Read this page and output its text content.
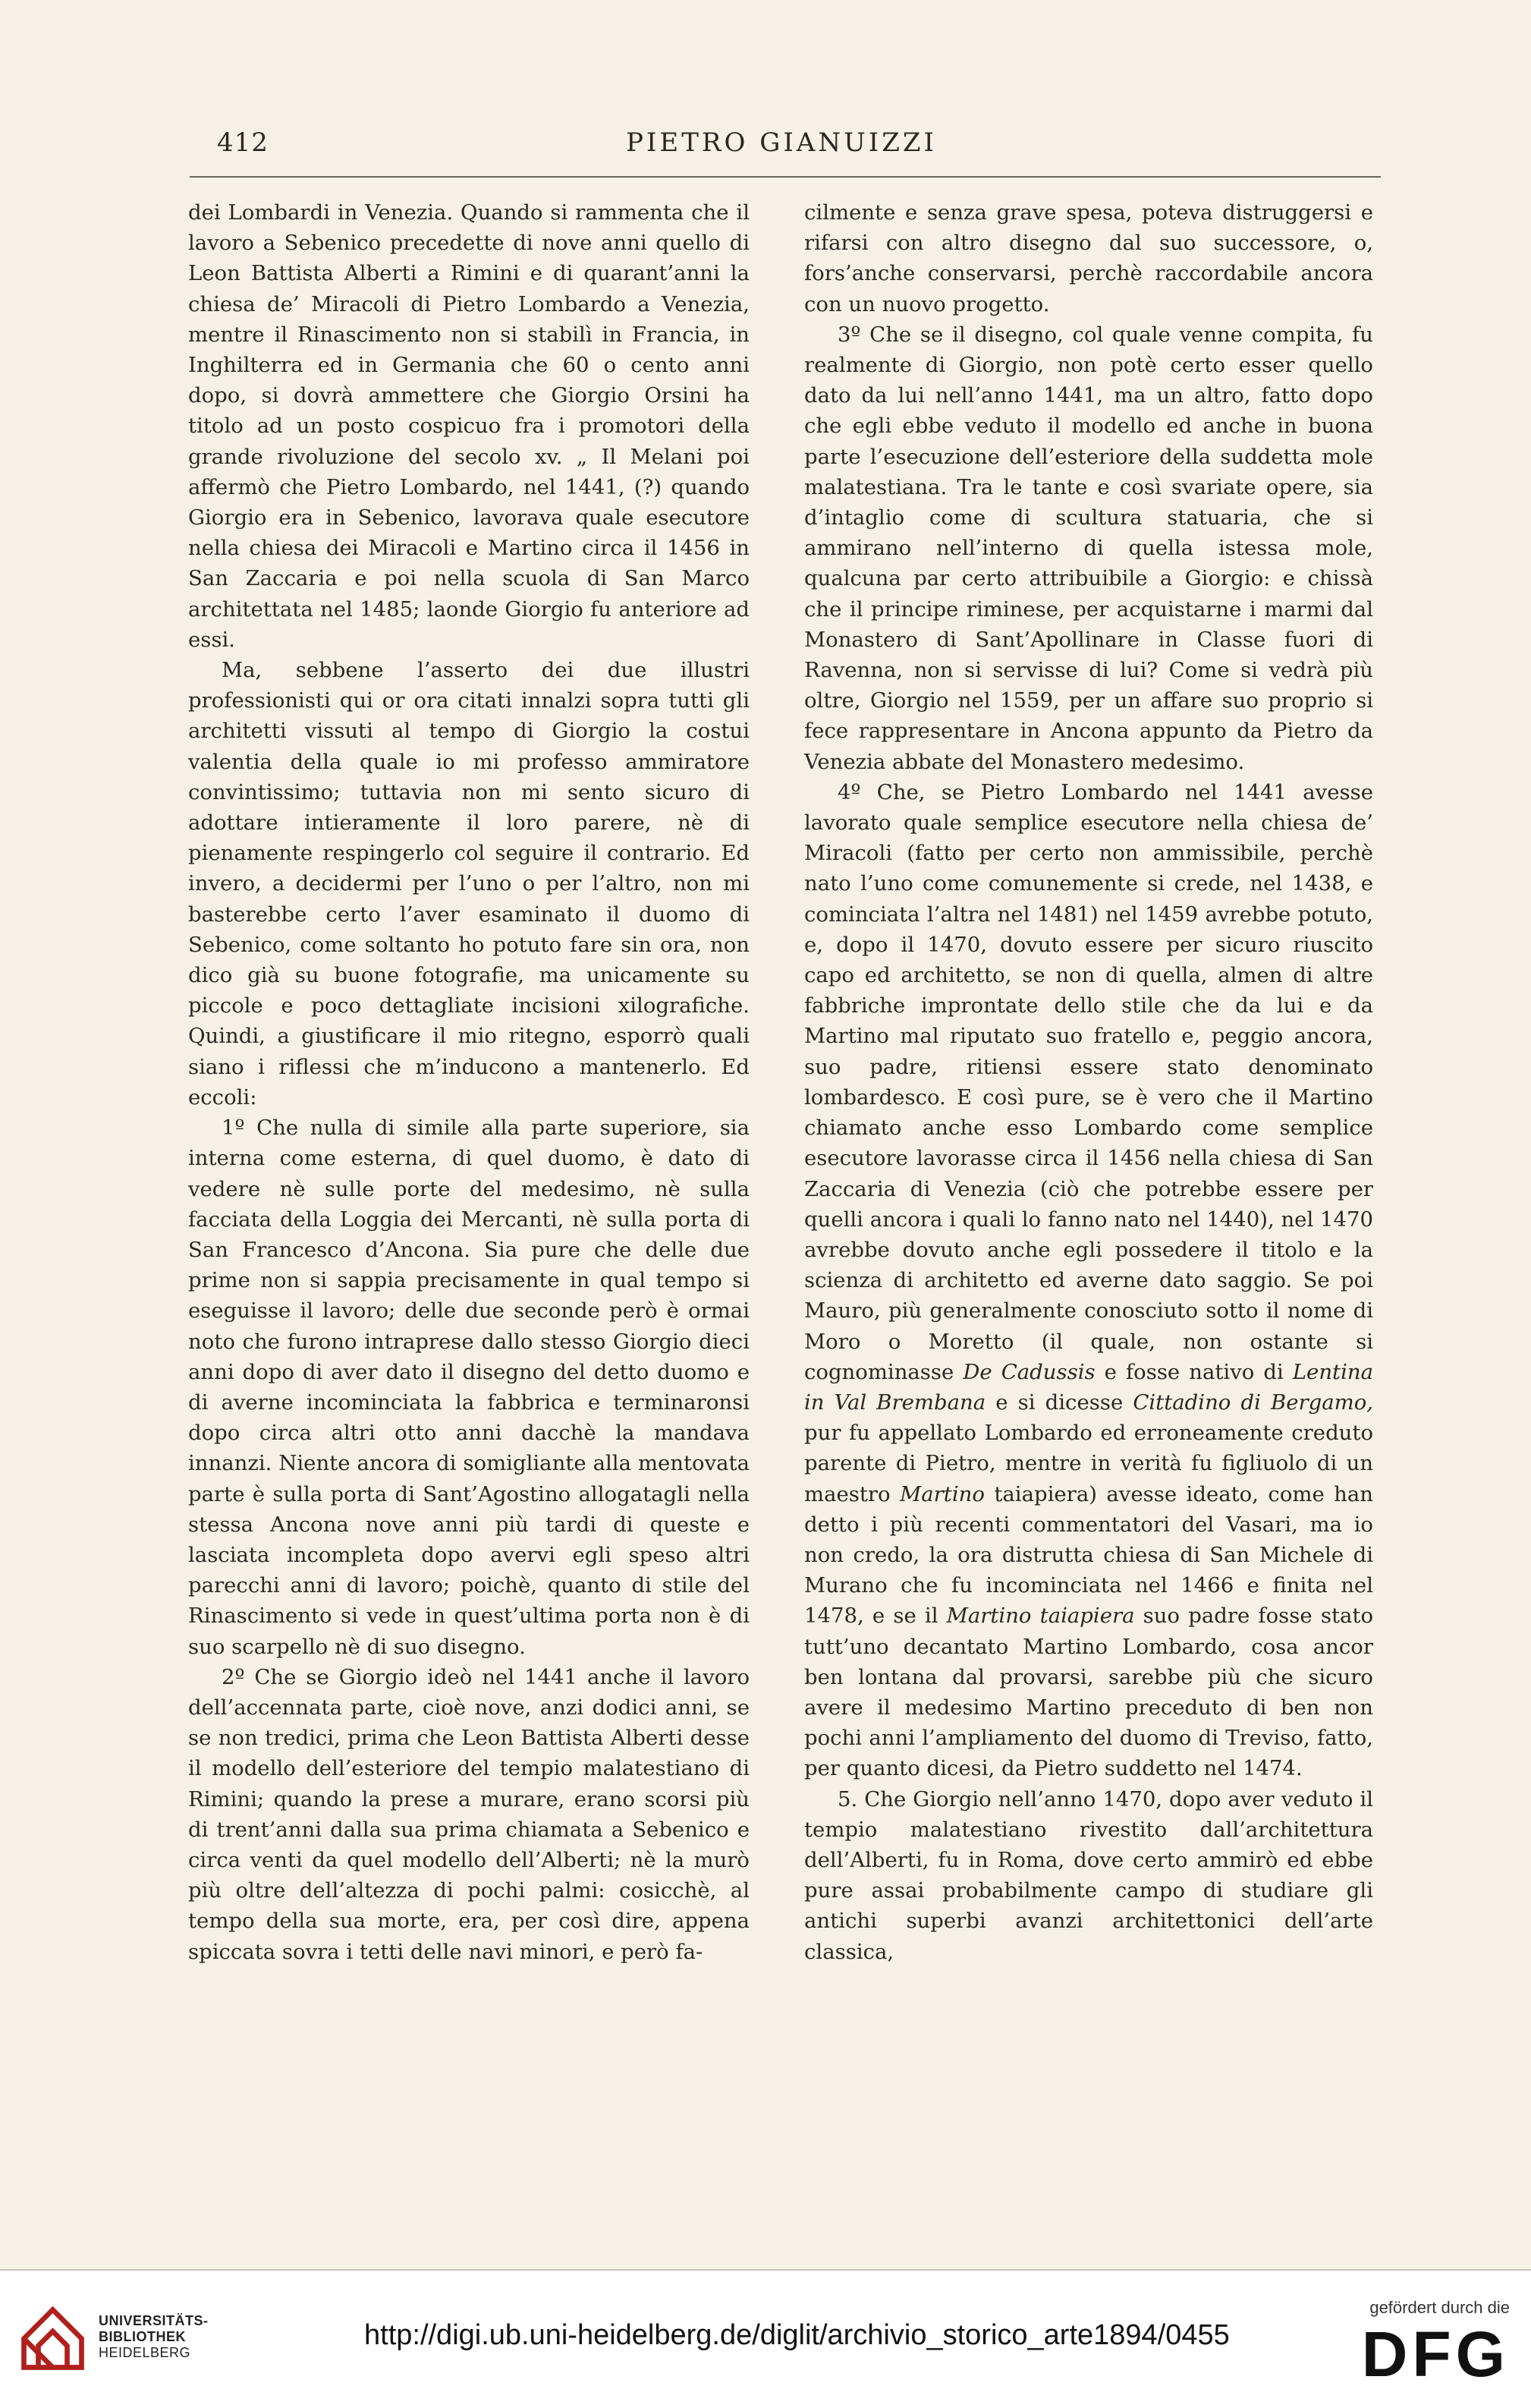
412	PIETRO GIANUIZZI

dei Lombardi in Venezia. Quando si rammenta che il lavoro a Sebenico precedette di nove anni quello di Leon Battista Alberti a Rimini e di quarant’anni la chiesa de’ Miracoli di Pietro Lombardo a Venezia, mentre il Rinascimento non si stabilì in Francia, in Inghilterra ed in Germania che 60 o cento anni dopo, si dovrà ammettere che Giorgio Orsini ha titolo ad un posto cospicuo fra i promotori della grande rivoluzione del secolo xv. „ Il Melani poi affermò che Pietro Lombardo, nel 1441, (?) quando Giorgio era in Sebenico, lavorava quale esecutore nella chiesa dei Miracoli e Martino circa il 1456 in San Zaccaria e poi nella scuola di San Marco architettata nel 1485; laonde Giorgio fu anteriore ad essi.

Ma, sebbene l’asserto dei due illustri professionisti qui or ora citati innalzi sopra tutti gli architetti vissuti al tempo di Giorgio la costui valentia della quale io mi professo ammiratore convintissimo; tuttavia non mi sento sicuro di adottare intieramente il loro parere, nè di pienamente respingerlo col seguire il contrario. Ed invero, a decidermi per l’uno o per l’altro, non mi basterebbe certo l’aver esaminato il duomo di Sebenico, come soltanto ho potuto fare sin ora, non dico già su buone fotografie, ma unicamente su piccole e poco dettagliate incisioni xilografiche. Quindi, a giustificare il mio ritegno, esporrò quali siano i riflessi che m’inducono a mantenerlo. Ed eccoli:

1º Che nulla di simile alla parte superiore, sia interna come esterna, di quel duomo, è dato di vedere nè sulle porte del medesimo, nè sulla facciata della Loggia dei Mercanti, nè sulla porta di San Francesco d’Ancona. Sia pure che delle due prime non si sappia precisamente in qual tempo si eseguisse il lavoro; delle due seconde però è ormai noto che furono intraprese dallo stesso Giorgio dieci anni dopo di aver dato il disegno del detto duomo e di averne incominciata la fabbrica e terminaronsi dopo circa altri otto anni dacchè la mandava innanzi. Niente ancora di somigliante alla mentovata parte è sulla porta di Sant’Agostino allogatagli nella stessa Ancona nove anni più tardi di queste e lasciata incompleta dopo avervi egli speso altri parecchi anni di lavoro; poichè, quanto di stile del Rinascimento si vede in quest’ultima porta non è di suo scarpello nè di suo disegno.

2º Che se Giorgio ideò nel 1441 anche il lavoro dell’accennata parte, cioè nove, anzi dodici anni, se se non tredici, prima che Leon Battista Alberti desse il modello dell’esteriore del tempio malatestiano di Rimini; quando la prese a murare, erano scorsi più di trent’anni dalla sua prima chiamata a Sebenico e circa venti da quel modello dell’Alberti; nè la murò più oltre dell’altezza di pochi palmi: cosicchè, al tempo della sua morte, era, per così dire, appena spiccata sovra i tetti delle navi minori, e però fa-

cilmente e senza grave spesa, poteva distruggersi e rifarsi con altro disegno dal suo successore, o, fors’anche conservarsi, perchè raccordabile ancora con un nuovo progetto.

3º Che se il disegno, col quale venne compita, fu realmente di Giorgio, non potè certo esser quello dato da lui nell’anno 1441, ma un altro, fatto dopo che egli ebbe veduto il modello ed anche in buona parte l’esecuzione dell’esteriore della suddetta mole malatestiana. Tra le tante e così svariate opere, sia d’intaglio come di scultura statuaria, che si ammirano nell’interno di quella istessa mole, qualcuna par certo attribuibile a Giorgio: e chissà che il principe riminese, per acquistarne i marmi dal Monastero di Sant’Apollinare in Classe fuori di Ravenna, non si servisse di lui? Come si vedrà più oltre, Giorgio nel 1559, per un affare suo proprio si fece rappresentare in Ancona appunto da Pietro da Venezia abbate del Monastero medesimo.

4º Che, se Pietro Lombardo nel 1441 avesse lavorato quale semplice esecutore nella chiesa de’ Miracoli (fatto per certo non ammissibile, perchè nato l’uno come comunemente si crede, nel 1438, e cominciata l’altra nel 1481) nel 1459 avrebbe potuto, e, dopo il 1470, dovuto essere per sicuro riuscito capo ed architetto, se non di quella, almen di altre fabbriche improntate dello stile che da lui e da Martino mal riputato suo fratello e, peggio ancora, suo padre, ritiensi essere stato denominato lombardesco. E così pure, se è vero che il Martino chiamato anche esso Lombardo come semplice esecutore lavorasse circa il 1456 nella chiesa di San Zaccaria di Venezia (ciò che potrebbe essere per quelli ancora i quali lo fanno nato nel 1440), nel 1470 avrebbe dovuto anche egli possedere il titolo e la scienza di architetto ed averne dato saggio. Se poi Mauro, più generalmente conosciuto sotto il nome di Moro o Moretto (il quale, non ostante si cognominasse De Cadussis e fosse nativo di Lentina in Val Brembana e si dicesse Cittadino di Bergamo, pur fu appellato Lombardo ed erroneamente creduto parente di Pietro, mentre in verità fu figliuolo di un maestro Martino taiapiera) avesse ideato, come han detto i più recenti commentatori del Vasari, ma io non credo, la ora distrutta chiesa di San Michele di Murano che fu incominciata nel 1466 e finita nel 1478, e se il Martino taiapiera suo padre fosse stato tutt’uno decantato Martino Lombardo, cosa ancor ben lontana dal provarsi, sarebbe più che sicuro avere il medesimo Martino preceduto di ben non pochi anni l’ampliamento del duomo di Treviso, fatto, per quanto dicesi, da Pietro suddetto nel 1474.

5. Che Giorgio nell’anno 1470, dopo aver veduto il tempio malatestiano rivestito dall’architettura dell’Alberti, fu in Roma, dove certo ammirò ed ebbe pure assai probabilmente campo di studiare gli antichi superbi avanzi architettonici dell’arte classica,

UNIVERSITÄTS-
BIBLIOTHEK
HEIDELBERG
http://digi.ub.uni-heidelberg.de/diglit/archivio_storico_arte1894/0455
gefördert durch die
DFG
